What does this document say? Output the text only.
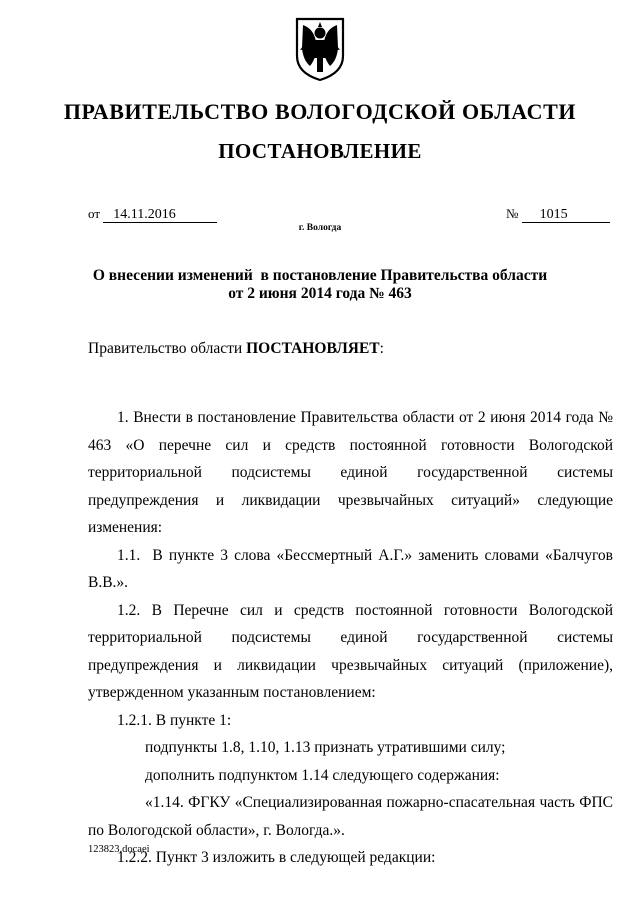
ПРАВИТЕЛЬСТВО ВОЛОГОДСКОЙ ОБЛАСТИ
ПОСТАНОВЛЕНИЕ
от 14.11.2016	№ 1015
г. Вологда
О внесении изменений  в постановление Правительства области
от 2 июня 2014 года № 463
Правительство области ПОСТАНОВЛЯЕТ:

1. Внести в постановление Правительства области от 2 июня 2014 года № 463 «О перечне сил и средств постоянной готовности Вологодской территориальной подсистемы единой государственной системы предупреждения и ликвидации чрезвычайных ситуаций» следующие изменения:

1.1.  В пункте 3 слова «Бессмертный А.Г.» заменить словами «Балчугов В.В.».

1.2. В Перечне сил и средств постоянной готовности Вологодской территориальной подсистемы единой государственной системы предупреждения и ликвидации чрезвычайных ситуаций (приложение), утвержденном указанным постановлением:

1.2.1. В пункте 1:

подпункты 1.8, 1.10, 1.13 признать утратившими силу;

дополнить подпунктом 1.14 следующего содержания:

«1.14. ФГКУ «Специализированная пожарно-спасательная часть ФПС по Вологодской области», г. Вологда.».

1.2.2. Пункт 3 изложить в следующей редакции:

123823.docaei
